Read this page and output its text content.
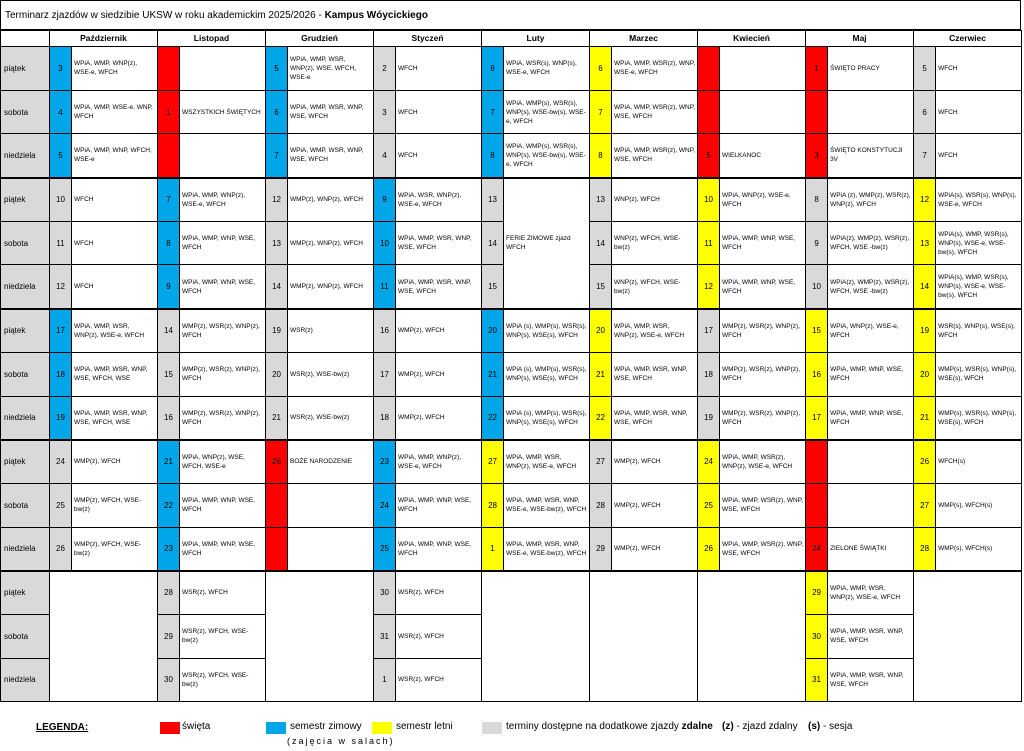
Terminarz zjazdów w siedzibie UKSW w roku akademickim 2025/2026 - Kampus Wóycickiego
	Październik		Listopad		Grudzień		Styczeń		Luty		Marzec		Kwiecień		Maj		Czerwiec	
piątek	3	WPiA, WMP, WNP(z), WSE-e, WFCH			5	WPiA, WMP, WSR, WNP(z), WSE, WFCH, WSE-e	2	WFCH	6	WPiA, WSR(s), WNP(s), WSE-e, WFCH	6	WPiA, WMP, WSR(z), WNP, WSE-e, WFCH			1	ŚWIĘTO PRACY	5	WFCH
sobota	4	WPiA, WMP, WSE-e, WNP, WFCH	1	WSZYSTKICH ŚWIĘTYCH	6	WPiA, WMP, WSR, WNP, WSE, WFCH	3	WFCH	7	WPiA, WMP(s), WSR(s), WNP(s), WSE-bw(s), WSE-e, WFCH	7	WPiA, WMP, WSR(z), WNP, WSE, WFCH					6	WFCH
niedziela	5	WPiA, WMP, WNP, WFCH, WSE-e			7	WPiA, WMP, WSR, WNP, WSE, WFCH	4	WFCH	8	WPiA, WMP(s), WSR(s), WNP(s), WSE-bw(s), WSE-e, WFCH	8	WPiA, WMP, WSR(z), WNP, WSE, WFCH	5	WIELKANOC	3	ŚWIĘTO KONSTYTUCJI 3V	7	WFCH
piątek	10	WFCH	7	WPiA, WMP, WNP(z), WSE-e, WFCH	12	WMP(z), WNP(z), WFCH	9	WPiA, WSR, WNP(z), WSE-e, WFCH	13	FERIE ZIMOWE zjazd WFCH	13	WNP(z), WFCH	10	WPiA, WNP(z), WSE-e, WFCH	8	WPiA (z), WMP(z), WSR(z), WNP(z), WFCH	12	WPiA(s), WSR(s), WNP(s), WSE-e, WFCH
sobota	11	WFCH	8	WPiA, WMP, WNP, WSE, WFCH	13	WMP(z), WNP(z), WFCH	10	WPiA, WMP, WSR, WNP, WSE, WFCH	14		14	WNP(z), WFCH, WSE-bw(z)	11	WPiA, WMP, WNP, WSE, WFCH	9	WPiA(z), WMP(z), WSR(z), WFCH, WSE -bw(z)	13	WPiA(s), WMP, WSR(s), WNP(s), WSE-e, WSE-bw(s), WFCH
niedziela	12	WFCH	9	WPiA, WMP, WNP, WSE, WFCH	14	WMP(z), WNP(z), WFCH	11	WPiA, WMP, WSR, WNP, WSE, WFCH	15		15	WNP(z), WFCH, WSE-bw(z)	12	WPiA, WMP, WNP, WSE, WFCH	10	WPiA(z), WMP(z), WSR(z), WFCH, WSE -bw(z)	14	WPiA(s), WMP, WSR(s), WNP(s), WSE-e, WSE-bw(s), WFCH
piątek	17	WPiA, WMP, WSR, WNP(z), WSE-e, WFCH	14	WMP(z), WSR(z), WNP(z), WFCH	19	WSR(z)	16	WMP(z), WFCH	20	WPiA (s), WMP(s), WSR(s), WNP(s), WSE(s), WFCH	20	WPiA, WMP, WSR, WNP(z), WSE-e, WFCH	17	WMP(z), WSR(z), WNP(z), WFCH	15	WPiA, WNP(z), WSE-e, WFCH	19	WSR(s), WNP(s), WSE(s), WFCH
sobota	18	WPiA, WMP, WSR, WNP, WSE, WFCH, WSE	15	WMP(z), WSR(z), WNP(z), WFCH	20	WSR(z), WSE-bw(z)	17	WMP(z), WFCH	21	WPiA (s), WMP(s), WSR(s), WNP(s), WSE(s), WFCH	21	WPiA, WMP, WSR, WNP, WSE, WFCH	18	WMP(z), WSR(z), WNP(z), WFCH	16	WPiA, WMP, WNP, WSE, WFCH	20	WMP(s), WSR(s), WNP(s), WSE(s), WFCH
niedziela	19	WPiA, WMP, WSR, WNP, WSE, WFCH, WSE	16	WMP(z), WSR(z), WNP(z), WFCH	21	WSR(z), WSE-bw(z)	18	WMP(z), WFCH	22	WPiA (s), WMP(s), WSR(s), WNP(s), WSE(s), WFCH	22	WPiA, WMP, WSR, WNP, WSE, WFCH	19	WMP(z), WSR(z), WNP(z), WFCH	17	WPiA, WMP, WNP, WSE, WFCH	21	WMP(s), WSR(s), WNP(s), WSE(s), WFCH
piątek	24	WMP(z), WFCH	21	WPiA, WNP(z), WSE, WFCH, WSE-e	26	BOŻE NARODZENIE	23	WPiA, WMP, WNP(z), WSE-e, WFCH	27	WPiA, WMP, WSR, WNP(z), WSE-e, WFCH	27	WMP(z), WFCH	24	WPiA, WMP, WSR(z), WNP(z), WSE-e, WFCH			26	WFCH(s)
sobota	25	WMP(z), WFCH, WSE-bw(z)	22	WPiA, WMP, WNP, WSE, WFCH			24	WPiA, WMP, WNP, WSE, WFCH	28	WPiA, WMP, WSR, WNP, WSE-e, WSE-bw(z), WFCH	28	WMP(z), WFCH	25	WPiA, WMP, WSR(z), WNP, WSE, WFCH			27	WMP(s), WFCH(s)
niedziela	26	WMP(z), WFCH, WSE-bw(z)	23	WPiA, WMP, WNP, WSE, WFCH			25	WPiA, WMP, WNP, WSE, WFCH	1	WPiA, WMP, WSR, WNP, WSE-e, WSE-bw(z), WFCH	29	WMP(z), WFCH	26	WPiA, WMP, WSR(z), WNP, WSE, WFCH	24	ZIELONE ŚWIĄTKI	28	WMP(s), WFCH(s)
piątek			28	WSR(z), WFCH			30	WSR(z), WFCH							29	WPiA, WMP, WSR, WNP(z), WSE-e, WFCH		
sobota			29	WSR(z), WFCH, WSE-bw(z)			31	WSR(z), WFCH							30	WPiA, WMP, WSR, WNP, WSE, WFCH		
niedziela			30	WSR(z), WFCH, WSE-bw(z)			1	WSR(z), WFCH							31	WPiA, WMP, WSR, WNP, WSE, WFCH		
LEGENDA:	święta	semestr zimowy
(zajęcia w salach)
semestr letni	terminy dostępne na dodatkowe zjazdy zdalne (z) - zjazd zdalny (s) - sesja
